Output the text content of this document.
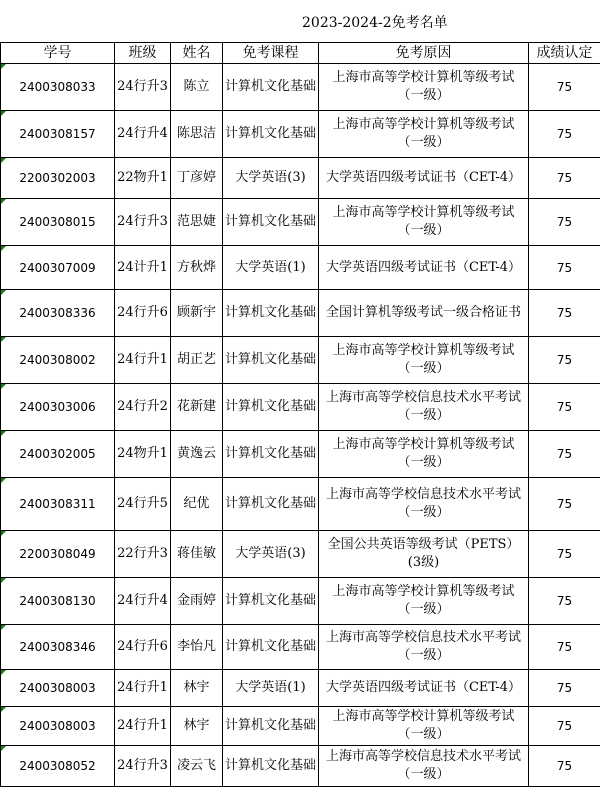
2023-2024-2免考名单
学号	班级	姓名	免考课程	免考原因	成绩认定
2400308033	24行升3	陈立	计算机文化基础	上海市高等学校计算机等级考试（一级）	75
2400308157	24行升4	陈思洁	计算机文化基础	上海市高等学校计算机等级考试（一级）	75
2200302003	22物升1	丁彦婷	大学英语(3)	大学英语四级考试证书（CET-4）	75
2400308015	24行升3	范思婕	计算机文化基础	上海市高等学校计算机等级考试（一级）	75
2400307009	24计升1	方秋烨	大学英语(1)	大学英语四级考试证书（CET-4）	75
2400308336	24行升6	顾新宇	计算机文化基础	全国计算机等级考试一级合格证书	75
2400308002	24行升1	胡正艺	计算机文化基础	上海市高等学校计算机等级考试（一级）	75
2400303006	24行升2	花新建	计算机文化基础	上海市高等学校信息技术水平考试（一级）	75
2400302005	24物升1	黄逸云	计算机文化基础	上海市高等学校计算机等级考试（一级）	75
2400308311	24行升5	纪优	计算机文化基础	上海市高等学校信息技术水平考试（一级）	75
2200308049	22行升3	蒋佳敏	大学英语(3)	全国公共英语等级考试（PETS）(3级)	75
2400308130	24行升4	金雨婷	计算机文化基础	上海市高等学校计算机等级考试（一级）	75
2400308346	24行升6	李怡凡	计算机文化基础	上海市高等学校信息技术水平考试（一级）	75
2400308003	24行升1	林宇	大学英语(1)	大学英语四级考试证书（CET-4）	75
2400308003	24行升1	林宇	计算机文化基础	上海市高等学校计算机等级考试（一级）	75
2400308052	24行升3	凌云飞	计算机文化基础	上海市高等学校信息技术水平考试（一级）	75
